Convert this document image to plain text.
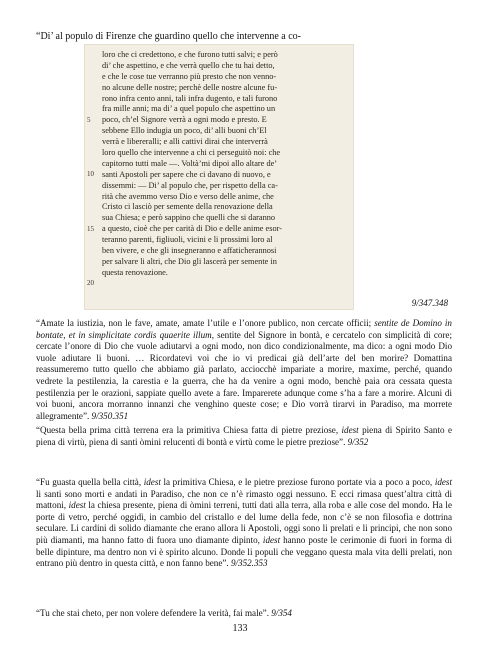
“Di’ al populo di Firenze che guardino quello che intervenne a co-
5
10
15
20
loro che ci credettono, e che furono tutti salvi; e però
di’ che aspettino, e che verrà quello che tu hai detto,
e che le cose tue verranno più presto che non venno-
no alcune delle nostre; perchè delle nostre alcune fu-
rono infra cento anni, tali infra dugento, e tali furono
fra mille anni; ma di’ a quel populo che aspettino un
poco, ch’el Signore verrà a ogni modo e presto. E
sebbene Ello indugia un poco, di’ alli buoni ch’El
verrà e libereralli; e alli cattivi dirai che interverrà
loro quello che intervenne a chi ci perseguitò noi: che
capitorno tutti male —. Voltà’mi dipoi allo altare de’
santi Apostoli per sapere che ci davano di nuovo, e
dissemmi: — Di’ al populo che, per rispetto della ca-
rità che avemmo verso Dio e verso delle anime, che
Cristo ci lasciò per semente della renovazione della
sua Chiesa; e però sappino che quelli che si daranno
a questo, cioè che per carità di Dio e delle anime esor-
teranno parenti, figliuoli, vicini e li prossimi loro al
ben vivere, e che gli insegneranno e affaticherannosi
per salvare li altri, che Dio gli lascerà per semente in
questa renovazione.
9/347.348
“Amate la iustizia, non le fave, amate, amate l’utile e l’onore publico, non cercate officii; sentite de Domino in bontate, et in simplicitate cordis quaerite illum, sentite del Signore in bontà, e cercatelo con simplicità di core; cercate l’onore di Dio che vuole adiutarvi a ogni modo, non dico condizionalmente, ma dico: a ogni modo Dio vuole adiutare li buoni. … Ricordatevi voi che io vi predicai già dell’arte del ben morire? Domattina reassumeremo tutto quello che abbiamo già parlato, acciocchè impariate a morire, maxime, perché, quando vedrete la pestilenzia, la carestia e la guerra, che ha da venire a ogni modo, benchè paia ora cessata questa pestilenzia per le orazioni, sappiate quello avete a fare. Imparerete adunque come s’ha a fare a morire. Alcuni di voi buoni, ancora morranno innanzi che venghino queste cose; e Dio vorrà tirarvi in Paradiso, ma morrete allegramente”. 9/350.351
“Questa bella prima città terrena era la primitiva Chiesa fatta di pietre preziose, idest piena di Spirito Santo e piena di virtù, piena di santi òmini relucenti di bontà e virtù come le pietre preziose”. 9/352
“Fu guasta quella bella città, idest la primitiva Chiesa, e le pietre preziose furono portate via a poco a poco, idest li santi sono morti e andati in Paradiso, che non ce n’è rimasto oggi nessuno. E ecci rimasa quest’altra città di mattoni, idest la chiesa presente, piena di òmini terreni, tutti dati alla terra, alla roba e alle cose del mondo. Ha le porte di vetro, perché oggidì, in cambio del cristallo e del lume della fede, non c’è se non filosofia e dottrina seculare. Li cardini di solido diamante che erano allora li Apostoli, oggi sono li prelati e li principi, che non sono più diamanti, ma hanno fatto di fuora uno diamante dipinto, idest hanno poste le cerimonie di fuori in forma di belle dipinture, ma dentro non vi è spirito alcuno. Donde li populi che veggano questa mala vita delli prelati, non entrano più dentro in questa città, e non fanno bene”. 9/352.353
“Tu che stai cheto, per non volere defendere la verità, fai male”. 9/354
133
